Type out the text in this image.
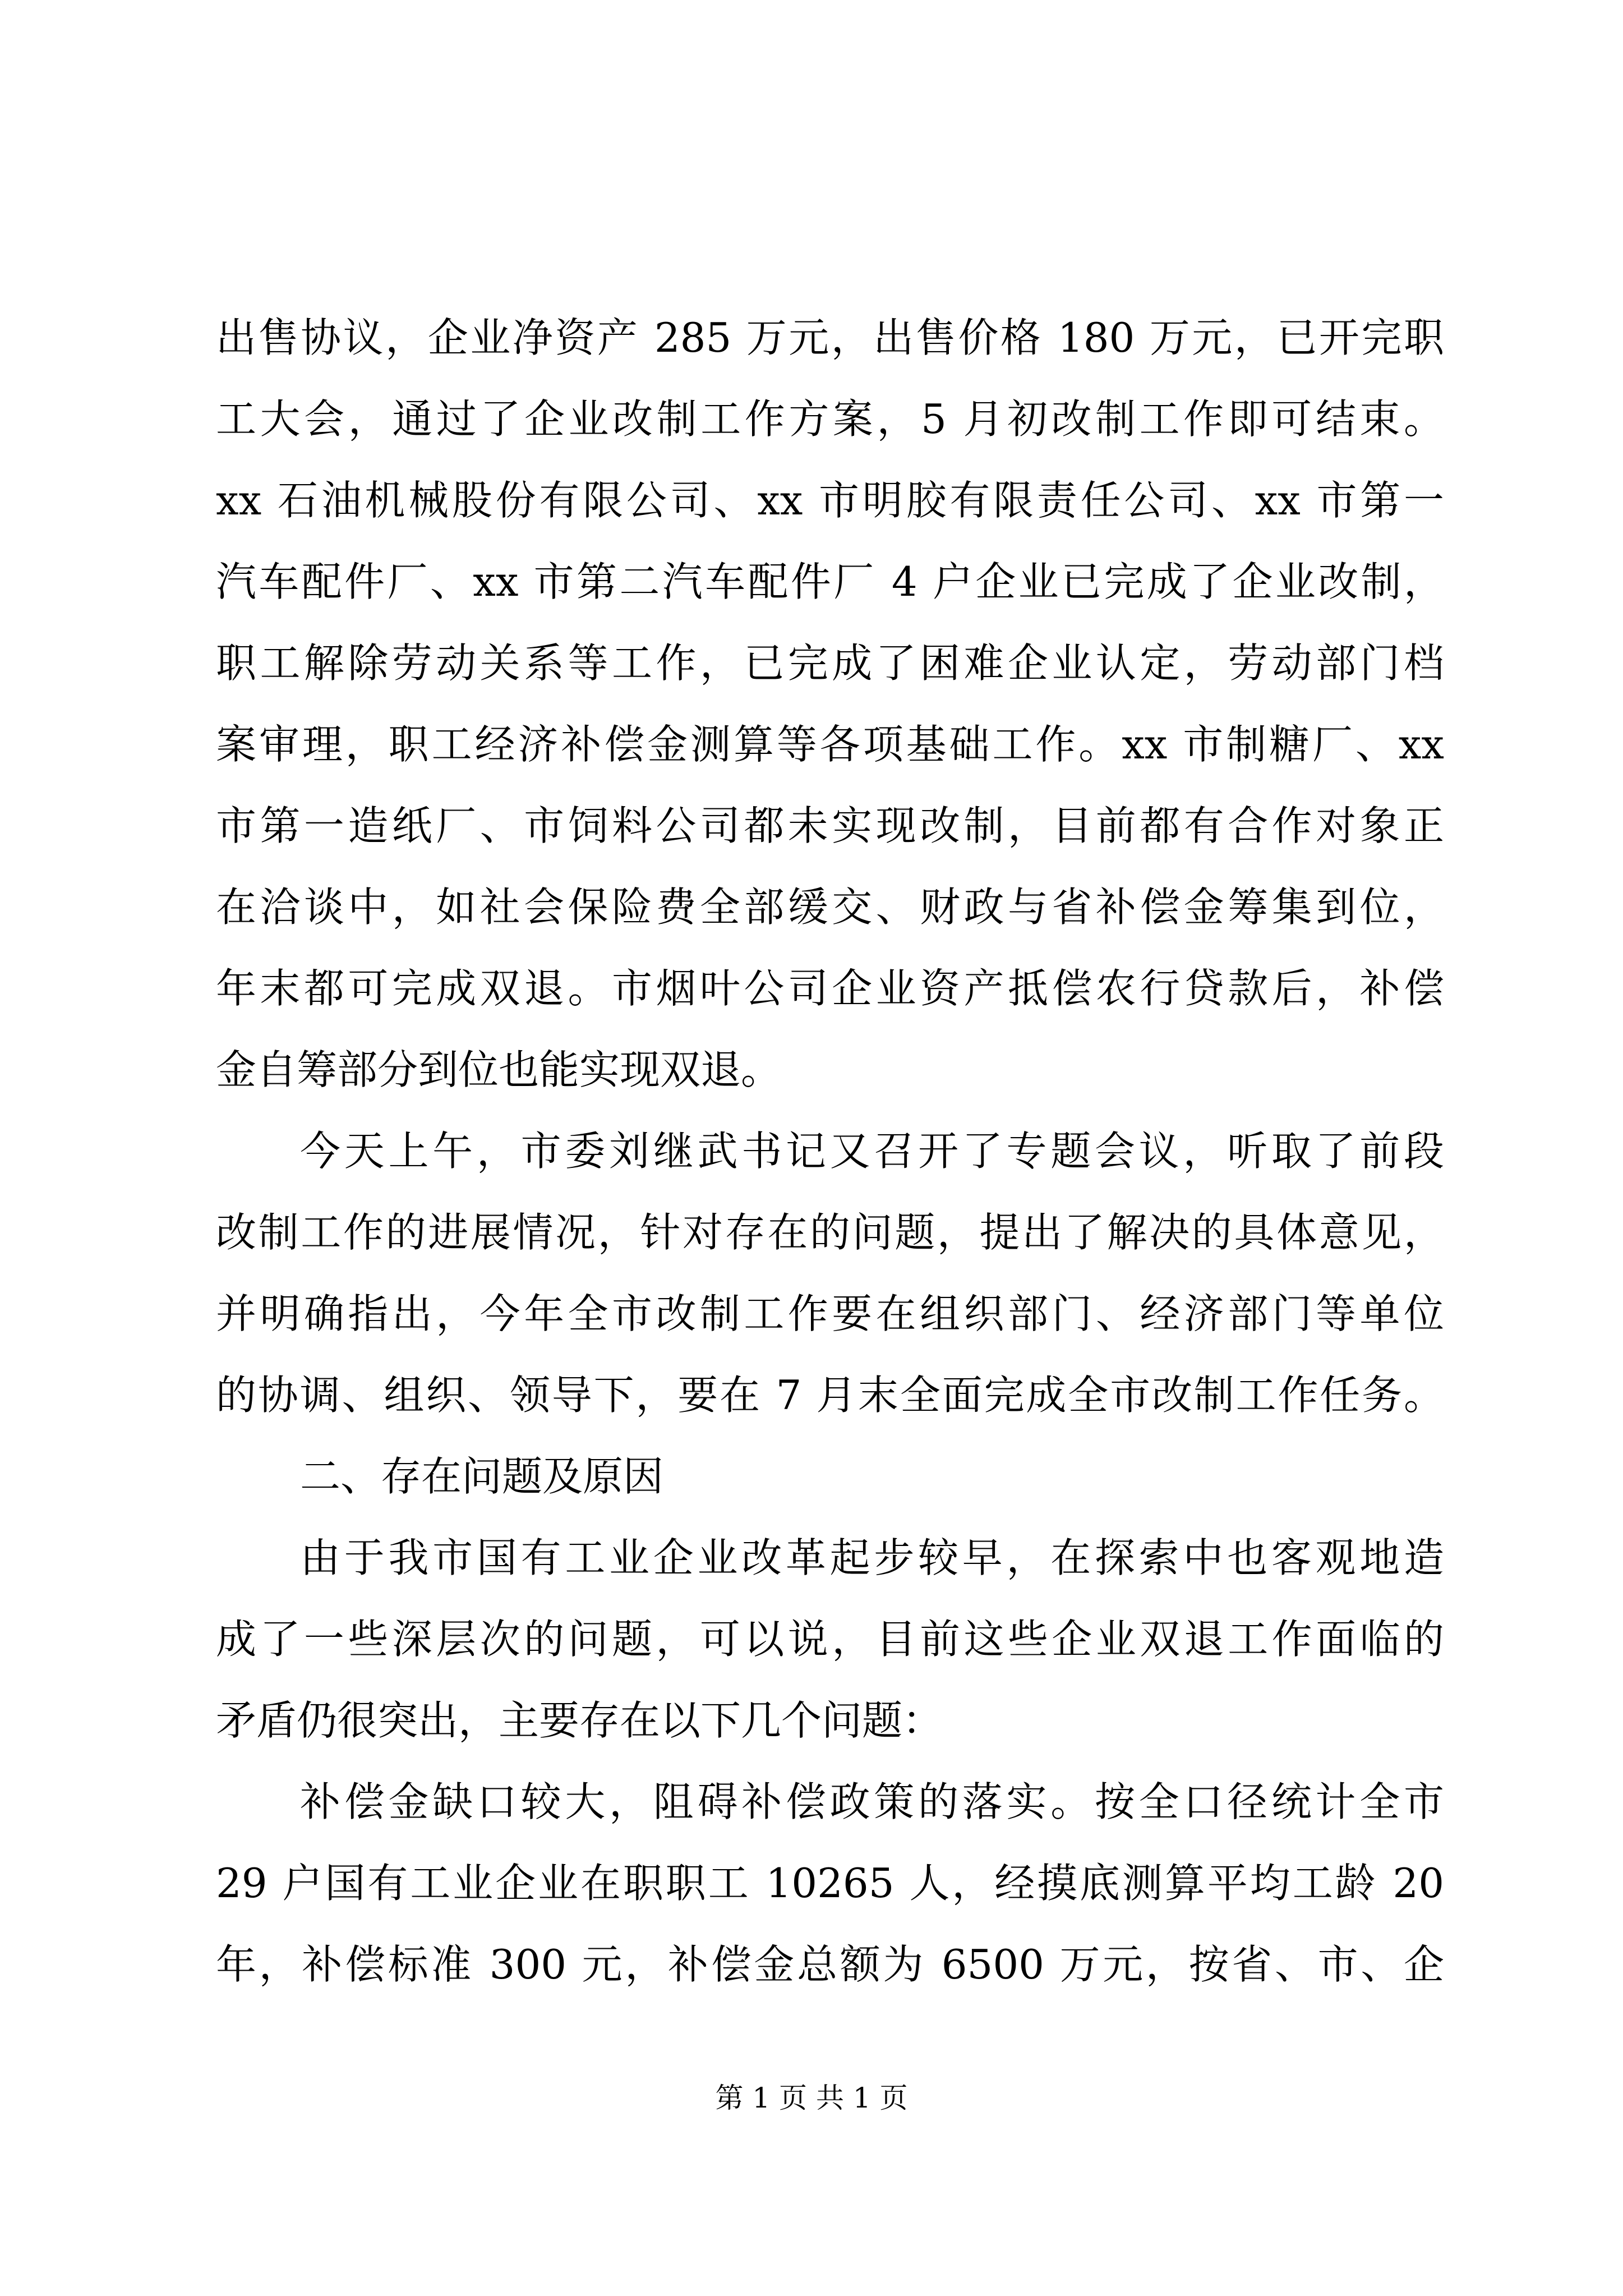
出售协议，企业净资产 285 万元，出售价格 180 万元，已开完职
工大会，通过了企业改制工作方案，5 月初改制工作即可结束。
xx 石油机械股份有限公司、xx 市明胶有限责任公司、xx 市第一
汽车配件厂、xx 市第二汽车配件厂 4 户企业已完成了企业改制，
职工解除劳动关系等工作，已完成了困难企业认定，劳动部门档
案审理，职工经济补偿金测算等各项基础工作。xx 市制糖厂、xx
市第一造纸厂、市饲料公司都未实现改制，目前都有合作对象正
在洽谈中，如社会保险费全部缓交、财政与省补偿金筹集到位，
年末都可完成双退。市烟叶公司企业资产抵偿农行贷款后，补偿
金自筹部分到位也能实现双退。
今天上午，市委刘继武书记又召开了专题会议，听取了前段
改制工作的进展情况，针对存在的问题，提出了解决的具体意见，
并明确指出，今年全市改制工作要在组织部门、经济部门等单位
的协调、组织、领导下，要在 7 月末全面完成全市改制工作任务。
二、存在问题及原因
由于我市国有工业企业改革起步较早，在探索中也客观地造
成了一些深层次的问题，可以说，目前这些企业双退工作面临的
矛盾仍很突出，主要存在以下几个问题：
补偿金缺口较大，阻碍补偿政策的落实。按全口径统计全市
29 户国有工业企业在职职工 10265 人，经摸底测算平均工龄 20
年，补偿标准 300 元，补偿金总额为 6500 万元，按省、市、企
第 1 页 共 1 页
